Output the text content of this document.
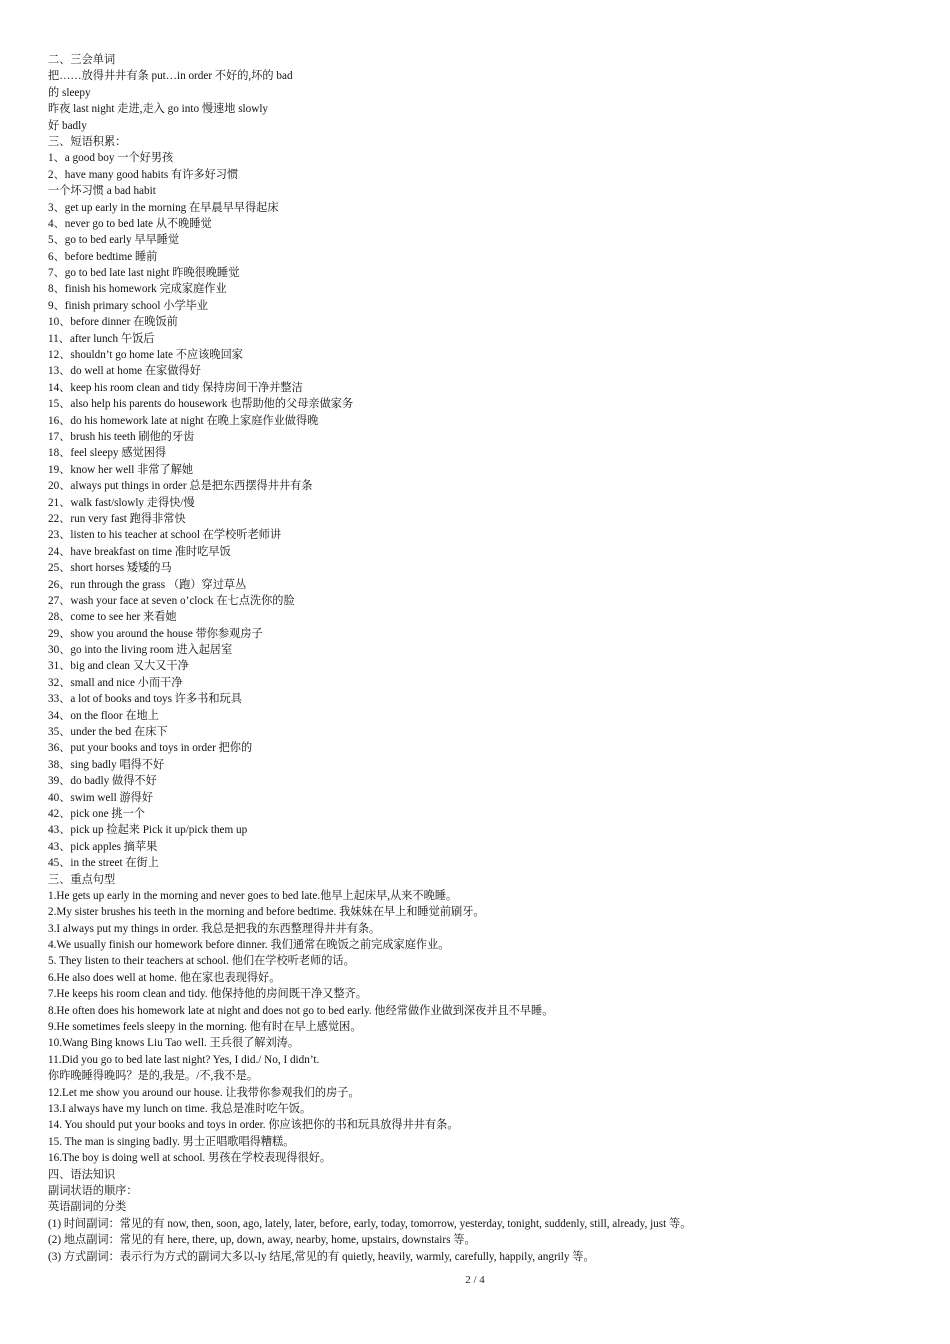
二、三会单词
把……放得井井有条 put…in order 不好的,坏的 bad
的 sleepy
昨夜 last night 走进,走入 go into 慢速地 slowly
好 badly
三、短语积累：
1、a good boy 一个好男孩
2、have many good habits 有许多好习惯
一个坏习惯 a bad habit
3、get up early in the morning 在早晨早早得起床
4、never go to bed late 从不晚睡觉
5、go to bed early 早早睡觉
6、before bedtime 睡前
7、go to bed late last night 昨晚很晚睡觉
8、finish his homework 完成家庭作业
9、finish primary school 小学毕业
10、before dinner 在晚饭前
11、after lunch 午饭后
12、shouldn’t go home late 不应该晚回家
13、do well at home 在家做得好
14、keep his room clean and tidy 保持房间干净并整洁
15、also help his parents do housework 也帮助他的父母亲做家务
16、do his homework late at night 在晚上家庭作业做得晚
17、brush his teeth 刷他的牙齿
18、feel sleepy 感觉困得
19、know her well 非常了解她
20、always put things in order 总是把东西摆得井井有条
21、walk fast/slowly 走得快/慢
22、run very fast 跑得非常快
23、listen to his teacher at school 在学校听老师讲
24、have breakfast on time 准时吃早饭
25、short horses 矮矮的马
26、run through the grass （跑）穿过草丛
27、wash your face at seven o’clock 在七点洗你的脸
28、come to see her 来看她
29、show you around the house 带你参观房子
30、go into the living room 进入起居室
31、big and clean 又大又干净
32、small and nice 小而干净
33、a lot of books and toys 许多书和玩具
34、on the floor 在地上
35、under the bed 在床下
36、put your books and toys in order 把你的
38、sing badly 唱得不好
39、do badly 做得不好
40、swim well 游得好
42、pick one 挑一个
43、pick up 捡起来 Pick it up/pick them up
43、pick apples 摘苹果
45、in the street 在街上
三、重点句型
1.He gets up early in the morning and never goes to bed late.他早上起床早,从来不晚睡。
2.My sister brushes his teeth in the morning and before bedtime. 我妹妹在早上和睡觉前刷牙。
3.I always put my things in order. 我总是把我的东西整理得井井有条。
4.We usually finish our homework before dinner. 我们通常在晚饭之前完成家庭作业。
5. They listen to their teachers at school. 他们在学校听老师的话。
6.He also does well at home. 他在家也表现得好。
7.He keeps his room clean and tidy. 他保持他的房间既干净又整齐。
8.He often does his homework late at night and does not go to bed early. 他经常做作业做到深夜并且不早睡。
9.He sometimes feels sleepy in the morning. 他有时在早上感觉困。
10.Wang Bing knows Liu Tao well. 王兵很了解刘涛。
11.Did you go to bed late last night? Yes, I did./ No, I didn’t.
你昨晚睡得晚吗？是的,我是。/不,我不是。
12.Let me show you around our house. 让我带你参观我们的房子。
13.I always have my lunch on time. 我总是准时吃午饭。
14. You should put your books and toys in order. 你应该把你的书和玩具放得井井有条。
15. The man is singing badly. 男士正唱歌唱得糟糕。
16.The boy is doing well at school. 男孩在学校表现得很好。
四、语法知识
副词状语的顺序：
英语副词的分类
(1) 时间副词：常见的有 now, then, soon, ago, lately, later, before, early, today, tomorrow, yesterday, tonight, suddenly, still, already, just 等。
(2) 地点副词：常见的有 here, there, up, down, away, nearby, home, upstairs, downstairs 等。
(3) 方式副词：表示行为方式的副词大多以-ly 结尾,常见的有 quietly, heavily, warmly, carefully, happily, angrily 等。
2 / 4
